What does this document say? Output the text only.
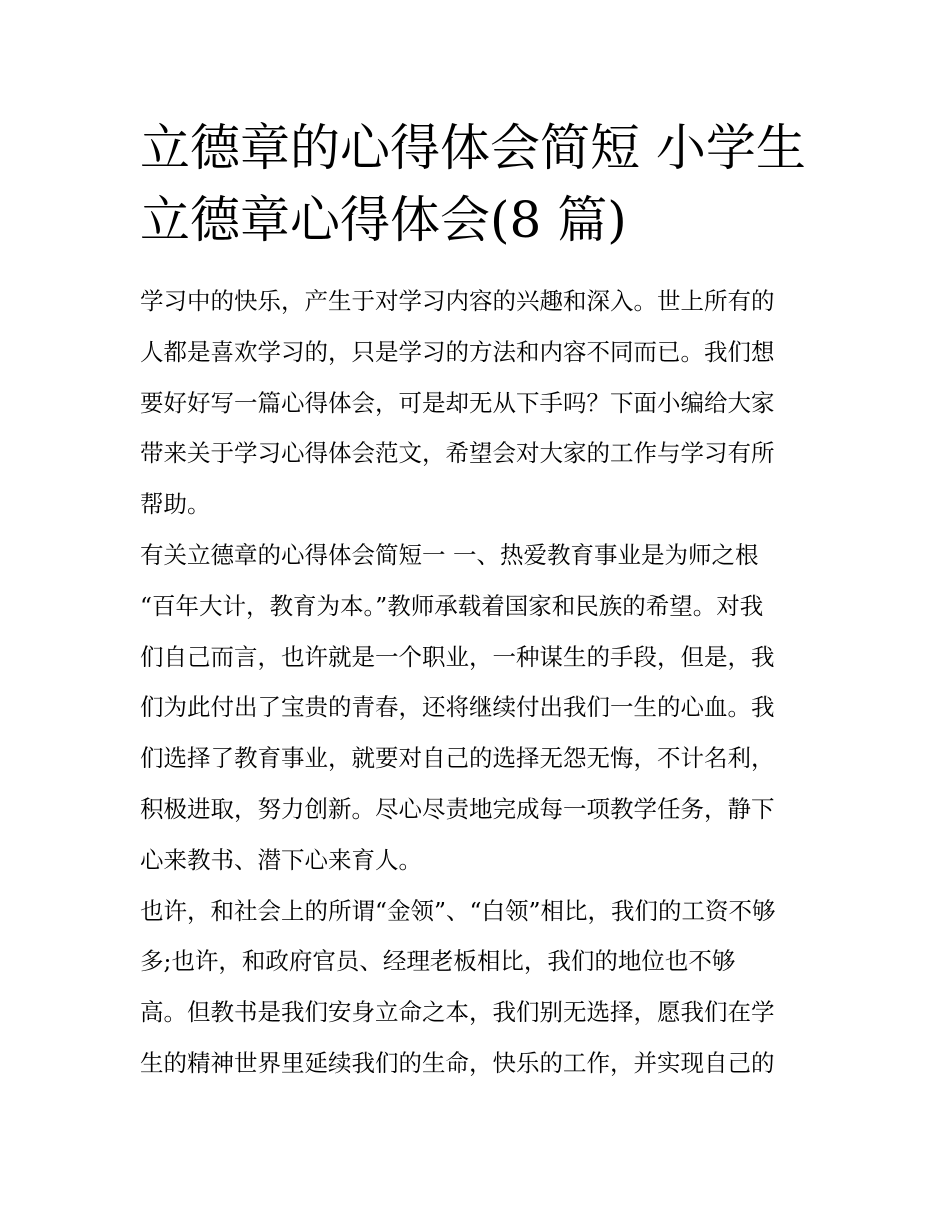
立德章的心得体会简短 小学生
立德章心得体会(8 篇)
学习中的快乐，产生于对学习内容的兴趣和深入。世上所有的
人都是喜欢学习的，只是学习的方法和内容不同而已。我们想
要好好写一篇心得体会，可是却无从下手吗？下面小编给大家
带来关于学习心得体会范文，希望会对大家的工作与学习有所
帮助。
有关立德章的心得体会简短一 一、热爱教育事业是为师之根
“百年大计，教育为本。”教师承载着国家和民族的希望。对我
们自己而言，也许就是一个职业，一种谋生的手段，但是，我
们为此付出了宝贵的青春，还将继续付出我们一生的心血。我
们选择了教育事业，就要对自己的选择无怨无悔，不计名利，
积极进取，努力创新。尽心尽责地完成每一项教学任务，静下
心来教书、潜下心来育人。
也许，和社会上的所谓“金领”、“白领”相比，我们的工资不够
多;也许，和政府官员、经理老板相比，我们的地位也不够
高。但教书是我们安身立命之本，我们别无选择，愿我们在学
生的精神世界里延续我们的生命，快乐的工作，并实现自己的
